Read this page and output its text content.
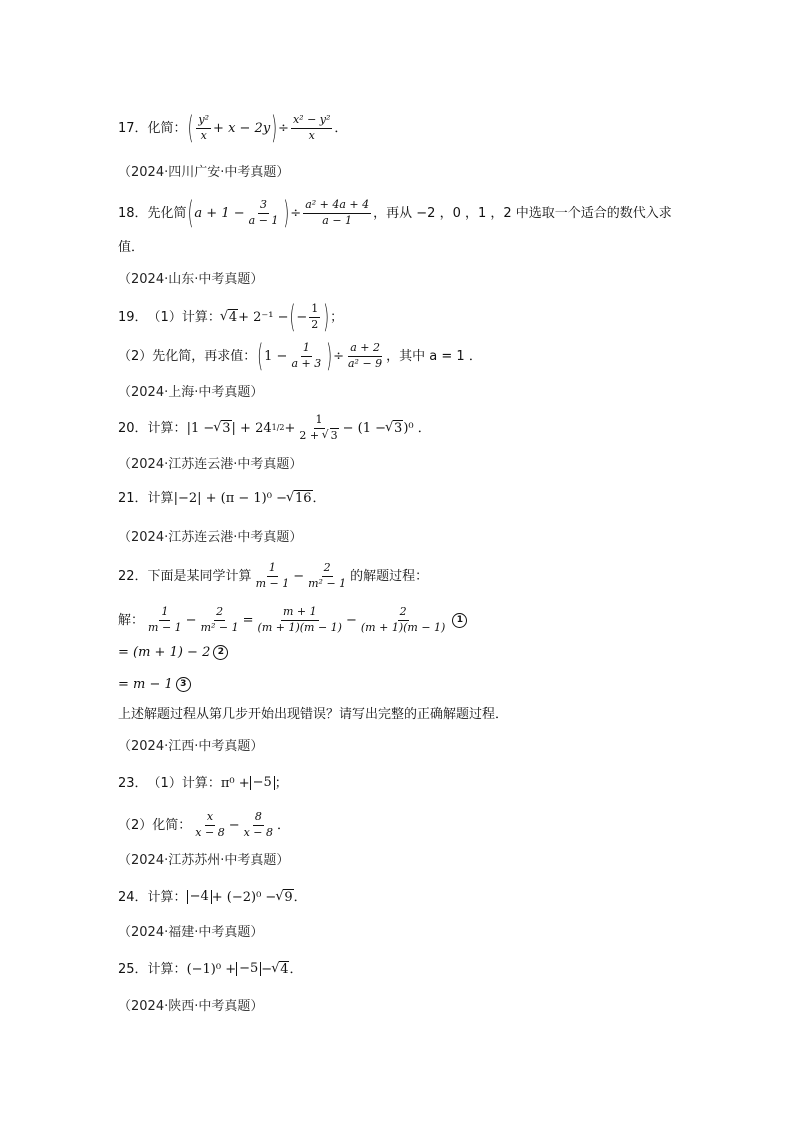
17． 化简： ( $\frac{\text{y²}}{x} + x - 2y$ ) ÷ $\frac{\text{x² − y²}}{x}$ ．
（2024·四川广安·中考真题）
18． 先化简 ( $a + 1 - \frac{3}{a - 1}$ ) ÷ $\frac{\text{a² + 4a + 4}}{a - 1}$ ，再从 −2 ，0 ，1 ，2 中选取一个适合的数代入求
值．
（2024·山东·中考真题）
19． （1）计算： √ 4 + 2⁻¹ − ( − $\frac{1}{2}$ ) ；
（2）先化简，再求值： ( $1 - \frac{1}{a + 3}$ ) ÷ $\frac{a + 2}{\text{a² − 9}}$ ，其中 a = 1 ．
（2024·上海·中考真题）
20． 计算： |1 − √ 3 | + 24 $1/2 + \frac{1}{2 + √ 3} - (1$ − √ 3 )⁰ ．
（2024·江苏连云港·中考真题）
21． 计算 |−2| + (π − 1)⁰ − √ 16 ．
（2024·江苏连云港·中考真题）
22． 下面是某同学计算 $\frac{1}{m - 1} - \frac{2}{\text{m² − 1}}$ 的解题过程：
解： $\frac{1}{m - 1} - \frac{2}{\text{m² − 1}} = \frac{m + 1}{(m + 1)(m - 1)} - \frac{2}{(m + 1)(m - 1)}$	1
= (m + 1) − 2 2
= m − 1 3
上述解题过程从第几步开始出现错误？请写出完整的正确解题过程．
（2024·江西·中考真题）
23． （1）计算： π⁰ + −5 ；
（2）化简： $\frac{x}{x - 8} - \frac{8}{x - 8}$ ．
（2024·江苏苏州·中考真题）
24． 计算： −4 + (−2)⁰ − √ 9 ．
（2024·福建·中考真题）
25． 计算： (−1)⁰ + −5 − √ 4 ．
（2024·陕西·中考真题）
